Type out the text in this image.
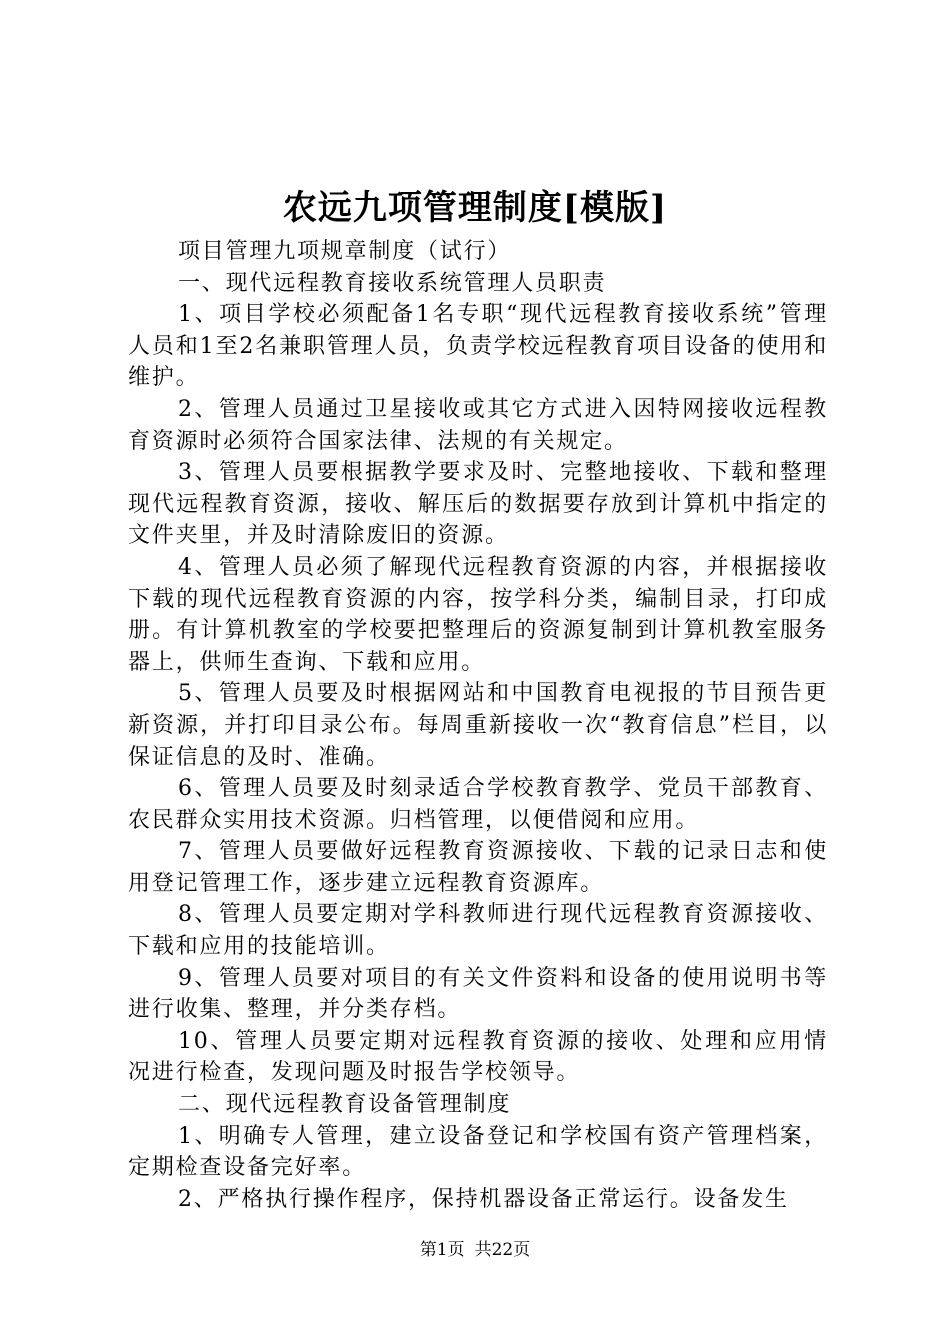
农远九项管理制度[模版]

项目管理九项规章制度（试行）

一、现代远程教育接收系统管理人员职责

1、项目学校必须配备1名专职“现代远程教育接收系统”管理人员和1至2名兼职管理人员，负责学校远程教育项目设备的使用和维护。

2、管理人员通过卫星接收或其它方式进入因特网接收远程教育资源时必须符合国家法律、法规的有关规定。

3、管理人员要根据教学要求及时、完整地接收、下载和整理现代远程教育资源，接收、解压后的数据要存放到计算机中指定的文件夹里，并及时清除废旧的资源。

4、管理人员必须了解现代远程教育资源的内容，并根据接收下载的现代远程教育资源的内容，按学科分类，编制目录，打印成册。有计算机教室的学校要把整理后的资源复制到计算机教室服务器上，供师生查询、下载和应用。

5、管理人员要及时根据网站和中国教育电视报的节目预告更新资源，并打印目录公布。每周重新接收一次“教育信息”栏目，以保证信息的及时、准确。

6、管理人员要及时刻录适合学校教育教学、党员干部教育、农民群众实用技术资源。归档管理，以便借阅和应用。

7、管理人员要做好远程教育资源接收、下载的记录日志和使用登记管理工作，逐步建立远程教育资源库。

8、管理人员要定期对学科教师进行现代远程教育资源接收、下载和应用的技能培训。

9、管理人员要对项目的有关文件资料和设备的使用说明书等进行收集、整理，并分类存档。

10、管理人员要定期对远程教育资源的接收、处理和应用情况进行检查，发现问题及时报告学校领导。

二、现代远程教育设备管理制度

1、明确专人管理，建立设备登记和学校国有资产管理档案，定期检查设备完好率。

2、严格执行操作程序，保持机器设备正常运行。设备发生

第1页 共22页
